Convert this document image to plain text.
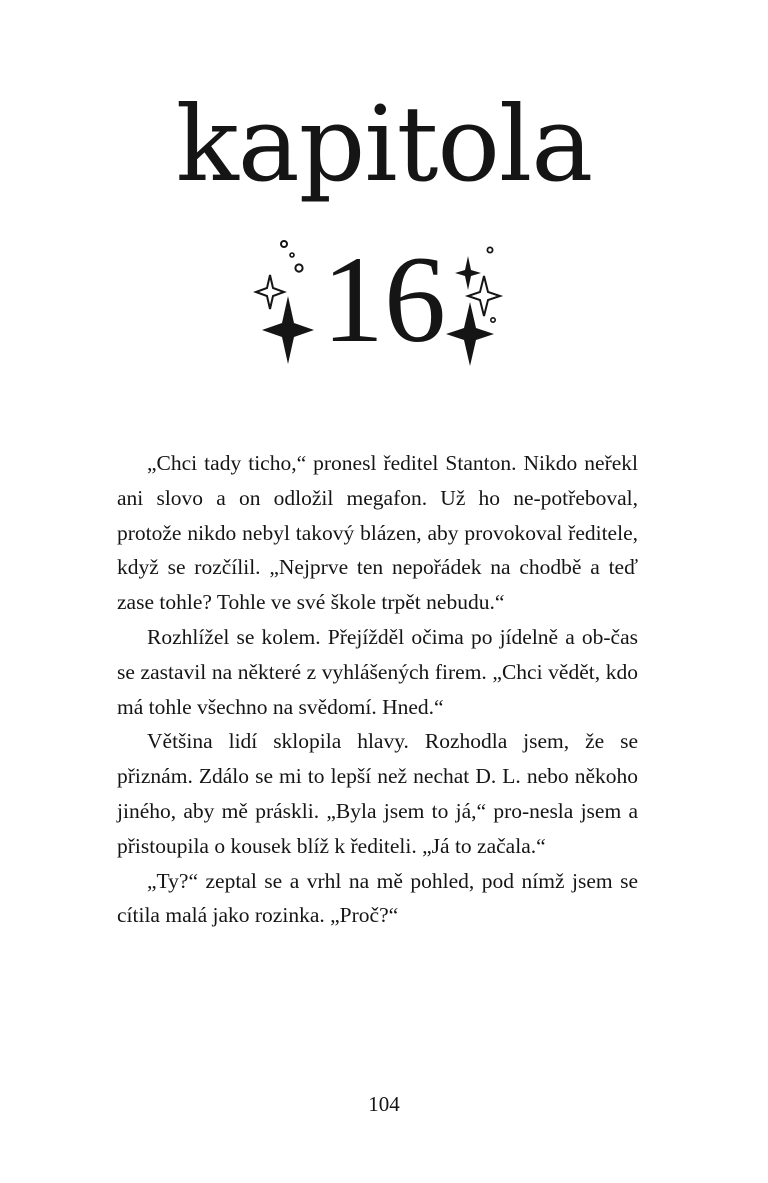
kapitola
16

„Chci tady ticho,“ pronesl ředitel Stanton. Nikdo neřekl ani slovo a on odložil megafon. Už ho ne-potřeboval, protože nikdo nebyl takový blázen, aby provokoval ředitele, když se rozčílil. „Nejprve ten nepořádek na chodbě a teď zase tohle? Tohle ve své škole trpět nebudu.“

Rozhlížel se kolem. Přejížděl očima po jídelně a ob-čas se zastavil na některé z vyhlášených firem. „Chci vědět, kdo má tohle všechno na svědomí. Hned.“

Většina lidí sklopila hlavy. Rozhodla jsem, že se přiznám. Zdálo se mi to lepší než nechat D. L. nebo někoho jiného, aby mě práskli. „Byla jsem to já,“ pro-nesla jsem a přistoupila o kousek blíž k řediteli. „Já to začala.“

„Ty?“ zeptal se a vrhl na mě pohled, pod nímž jsem se cítila malá jako rozinka. „Proč?“

104
